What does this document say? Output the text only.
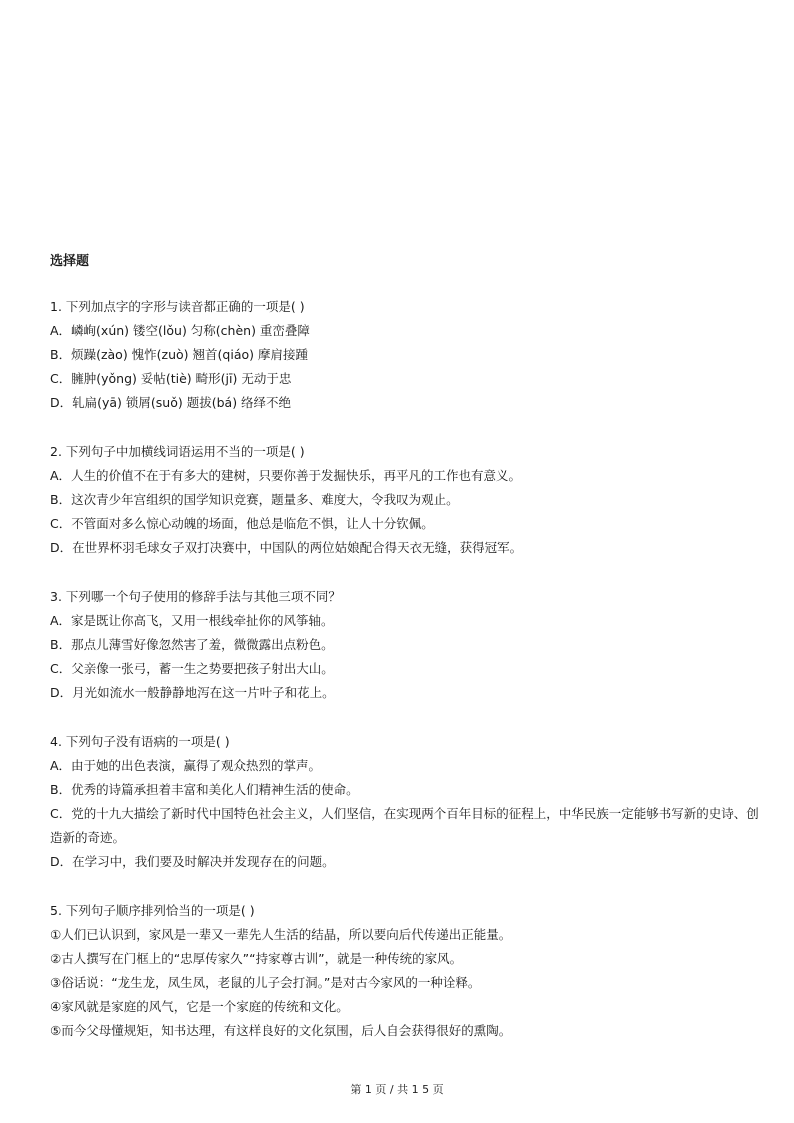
选择题
1. 下列加点字的字形与读音都正确的一项是( )
A．嶙峋(xún) 镂空(lǒu) 匀称(chèn) 重峦叠障
B．烦躁(zào) 愧怍(zuò) 翘首(qiáo) 摩肩接踵
C．臃肿(yǒng) 妥帖(tiè) 畸形(jī) 无动于忠
D．轧扁(yā) 锁屑(suǒ) 题拔(bá) 络绎不绝
2. 下列句子中加横线词语运用不当的一项是( )
A．人生的价值不在于有多大的建树，只要你善于发掘快乐，再平凡的工作也有意义。
B．这次青少年宫组织的国学知识竞赛，题量多、难度大，令我叹为观止。
C．不管面对多么惊心动魄的场面，他总是临危不惧，让人十分钦佩。
D．在世界杯羽毛球女子双打决赛中，中国队的两位姑娘配合得天衣无缝，获得冠军。
3. 下列哪一个句子使用的修辞手法与其他三项不同？
A．家是既让你高飞，又用一根线牵扯你的风筝轴。
B．那点儿薄雪好像忽然害了羞，微微露出点粉色。
C．父亲像一张弓，蓄一生之势要把孩子射出大山。
D．月光如流水一般静静地泻在这一片叶子和花上。
4. 下列句子没有语病的一项是( )
A．由于她的出色表演，赢得了观众热烈的掌声。
B．优秀的诗篇承担着丰富和美化人们精神生活的使命。
C．党的十九大描绘了新时代中国特色社会主义，人们坚信，在实现两个百年目标的征程上，中华民族一定能够书写新的史诗、创造新的奇迹。
D．在学习中，我们要及时解决并发现存在的问题。
5. 下列句子顺序排列恰当的一项是( )
①人们已认识到，家风是一辈又一辈先人生活的结晶，所以要向后代传递出正能量。
②古人撰写在门框上的“忠厚传家久”“持家尊古训”，就是一种传统的家风。
③俗话说：“龙生龙，凤生凤，老鼠的儿子会打洞。”是对古今家风的一种诠释。
④家风就是家庭的风气，它是一个家庭的传统和文化。
⑤而今父母懂规矩，知书达理，有这样良好的文化氛围，后人自会获得很好的熏陶。
第 1 页 / 共 1 5 页
